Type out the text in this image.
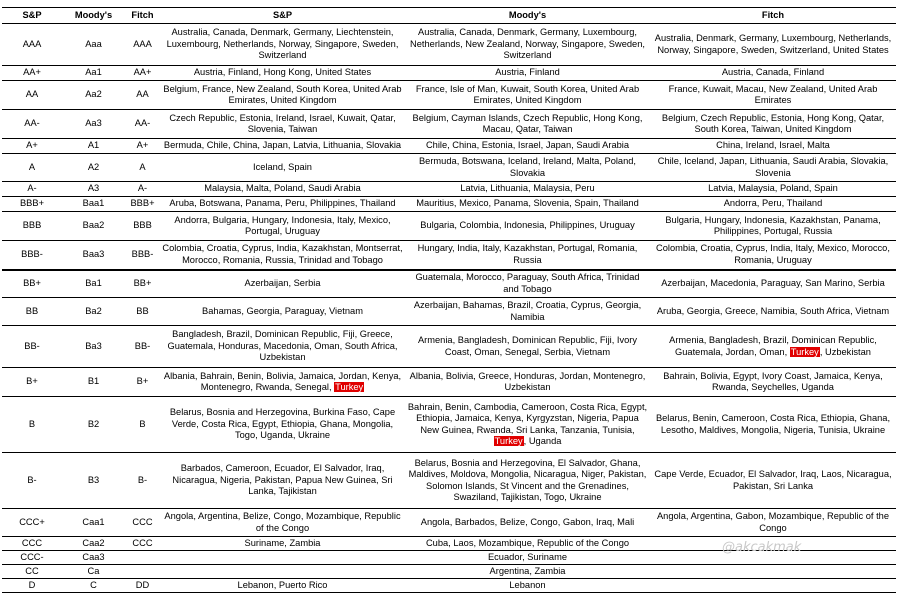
S&P	Moody's	Fitch	S&P	Moody's	Fitch
AAA	Aaa	AAA	Australia, Canada, Denmark, Germany, Liechtenstein, Luxembourg, Netherlands, Norway, Singapore, Sweden, Switzerland	Australia, Canada, Denmark, Germany, Luxembourg, Netherlands, New Zealand, Norway, Singapore, Sweden, Switzerland	Australia, Denmark, Germany, Luxembourg, Netherlands, Norway, Singapore, Sweden, Switzerland, United States
AA+	Aa1	AA+	Austria, Finland, Hong Kong, United States	Austria, Finland	Austria, Canada, Finland
AA	Aa2	AA	Belgium, France, New Zealand, South Korea, United Arab Emirates, United Kingdom	France, Isle of Man, Kuwait, South Korea, United Arab Emirates, United Kingdom	France, Kuwait, Macau, New Zealand, United Arab Emirates
AA-	Aa3	AA-	Czech Republic, Estonia, Ireland, Israel, Kuwait, Qatar, Slovenia, Taiwan	Belgium, Cayman Islands, Czech Republic, Hong Kong, Macau, Qatar, Taiwan	Belgium, Czech Republic, Estonia, Hong Kong, Qatar, South Korea, Taiwan, United Kingdom
A+	A1	A+	Bermuda, Chile, China, Japan, Latvia, Lithuania, Slovakia	Chile, China, Estonia, Israel, Japan, Saudi Arabia	China, Ireland, Israel, Malta
A	A2	A	Iceland, Spain	Bermuda, Botswana, Iceland, Ireland, Malta, Poland, Slovakia	Chile, Iceland, Japan, Lithuania, Saudi Arabia, Slovakia, Slovenia
A-	A3	A-	Malaysia, Malta, Poland, Saudi Arabia	Latvia, Lithuania, Malaysia, Peru	Latvia, Malaysia, Poland, Spain
BBB+	Baa1	BBB+	Aruba, Botswana, Panama, Peru, Philippines, Thailand	Mauritius, Mexico, Panama, Slovenia, Spain, Thailand	Andorra, Peru, Thailand
BBB	Baa2	BBB	Andorra, Bulgaria, Hungary, Indonesia, Italy, Mexico, Portugal, Uruguay	Bulgaria, Colombia, Indonesia, Philippines, Uruguay	Bulgaria, Hungary, Indonesia, Kazakhstan, Panama, Philippines, Portugal, Russia
BBB-	Baa3	BBB-	Colombia, Croatia, Cyprus, India, Kazakhstan, Montserrat, Morocco, Romania, Russia, Trinidad and Tobago	Hungary, India, Italy, Kazakhstan, Portugal, Romania, Russia	Colombia, Croatia, Cyprus, India, Italy, Mexico, Morocco, Romania, Uruguay
BB+	Ba1	BB+	Azerbaijan, Serbia	Guatemala, Morocco, Paraguay, South Africa, Trinidad and Tobago	Azerbaijan, Macedonia, Paraguay, San Marino, Serbia
BB	Ba2	BB	Bahamas, Georgia, Paraguay, Vietnam	Azerbaijan, Bahamas, Brazil, Croatia, Cyprus, Georgia, Namibia	Aruba, Georgia, Greece, Namibia, South Africa, Vietnam
BB-	Ba3	BB-	Bangladesh, Brazil, Dominican Republic, Fiji, Greece, Guatemala, Honduras, Macedonia, Oman, South Africa, Uzbekistan	Armenia, Bangladesh, Dominican Republic, Fiji, Ivory Coast, Oman, Senegal, Serbia, Vietnam	Armenia, Bangladesh, Brazil, Dominican Republic, Guatemala, Jordan, Oman, Turkey, Uzbekistan
B+	B1	B+	Albania, Bahrain, Benin, Bolivia, Jamaica, Jordan, Kenya, Montenegro, Rwanda, Senegal, Turkey	Albania, Bolivia, Greece, Honduras, Jordan, Montenegro, Uzbekistan	Bahrain, Bolivia, Egypt, Ivory Coast, Jamaica, Kenya, Rwanda, Seychelles, Uganda
B	B2	B	Belarus, Bosnia and Herzegovina, Burkina Faso, Cape Verde, Costa Rica, Egypt, Ethiopia, Ghana, Mongolia, Togo, Uganda, Ukraine	Bahrain, Benin, Cambodia, Cameroon, Costa Rica, Egypt, Ethiopia, Jamaica, Kenya, Kyrgyzstan, Nigeria, Papua New Guinea, Rwanda, Sri Lanka, Tanzania, Tunisia, Turkey, Uganda	Belarus, Benin, Cameroon, Costa Rica, Ethiopia, Ghana, Lesotho, Maldives, Mongolia, Nigeria, Tunisia, Ukraine
B-	B3	B-	Barbados, Cameroon, Ecuador, El Salvador, Iraq, Nicaragua, Nigeria, Pakistan, Papua New Guinea, Sri Lanka, Tajikistan	Belarus, Bosnia and Herzegovina, El Salvador, Ghana, Maldives, Moldova, Mongolia, Nicaragua, Niger, Pakistan, Solomon Islands, St Vincent and the Grenadines, Swaziland, Tajikistan, Togo, Ukraine	Cape Verde, Ecuador, El Salvador, Iraq, Laos, Nicaragua, Pakistan, Sri Lanka
CCC+	Caa1	CCC	Angola, Argentina, Belize, Congo, Mozambique, Republic of the Congo	Angola, Barbados, Belize, Congo, Gabon, Iraq, Mali	Angola, Argentina, Gabon, Mozambique, Republic of the Congo
CCC	Caa2	CCC	Suriname, Zambia	Cuba, Laos, Mozambique, Republic of the Congo	
CCC-	Caa3			Ecuador, Suriname	
CC	Ca			Argentina, Zambia	
D	C	DD	Lebanon, Puerto Rico	Lebanon	
@akcakmak
